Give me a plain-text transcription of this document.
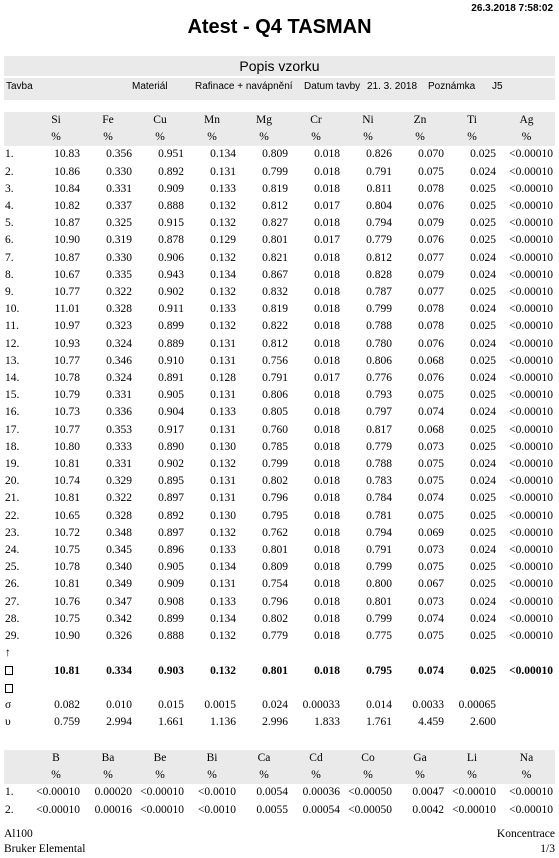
26.3.2018 7:58:02
Atest - Q4 TASMAN
Popis vzorku
Tavba	Materiál	Rafinace + navápnění Datum tavby 21. 3. 2018 Poznámka J5
	Si	Fe	Cu	Mn	Mg	Cr	Ni	Zn	Ti	Ag
	%	%	%	%	%	%	%	%	%	%
1.	10.83	0.356	0.951	0.134	0.809	0.018	0.826	0.070	0.025	<0.00010
2.	10.86	0.330	0.892	0.131	0.799	0.018	0.791	0.075	0.024	<0.00010
3.	10.84	0.331	0.909	0.133	0.819	0.018	0.811	0.078	0.025	<0.00010
4.	10.82	0.337	0.888	0.132	0.812	0.017	0.804	0.076	0.025	<0.00010
5.	10.87	0.325	0.915	0.132	0.827	0.018	0.794	0.079	0.025	<0.00010
6.	10.90	0.319	0.878	0.129	0.801	0.017	0.779	0.076	0.025	<0.00010
7.	10.87	0.330	0.906	0.132	0.821	0.018	0.812	0.077	0.024	<0.00010
8.	10.67	0.335	0.943	0.134	0.867	0.018	0.828	0.079	0.024	<0.00010
9.	10.77	0.322	0.902	0.132	0.832	0.018	0.787	0.077	0.025	<0.00010
10.	11.01	0.328	0.911	0.133	0.819	0.018	0.799	0.078	0.024	<0.00010
11.	10.97	0.323	0.899	0.132	0.822	0.018	0.788	0.078	0.025	<0.00010
12.	10.93	0.324	0.889	0.131	0.812	0.018	0.780	0.076	0.024	<0.00010
13.	10.77	0.346	0.910	0.131	0.756	0.018	0.806	0.068	0.025	<0.00010
14.	10.78	0.324	0.891	0.128	0.791	0.017	0.776	0.076	0.024	<0.00010
15.	10.79	0.331	0.905	0.131	0.806	0.018	0.793	0.075	0.025	<0.00010
16.	10.73	0.336	0.904	0.133	0.805	0.018	0.797	0.074	0.024	<0.00010
17.	10.77	0.353	0.917	0.131	0.760	0.018	0.817	0.068	0.025	<0.00010
18.	10.80	0.333	0.890	0.130	0.785	0.018	0.779	0.073	0.025	<0.00010
19.	10.81	0.331	0.902	0.132	0.799	0.018	0.788	0.075	0.024	<0.00010
20.	10.74	0.329	0.895	0.131	0.802	0.018	0.783	0.075	0.024	<0.00010
21.	10.81	0.322	0.897	0.131	0.796	0.018	0.784	0.074	0.025	<0.00010
22.	10.65	0.328	0.892	0.130	0.795	0.018	0.781	0.075	0.025	<0.00010
23.	10.72	0.348	0.897	0.132	0.762	0.018	0.794	0.069	0.025	<0.00010
24.	10.75	0.345	0.896	0.133	0.801	0.018	0.791	0.073	0.024	<0.00010
25.	10.78	0.340	0.905	0.134	0.809	0.018	0.799	0.075	0.025	<0.00010
26.	10.81	0.349	0.909	0.131	0.754	0.018	0.800	0.067	0.025	<0.00010
27.	10.76	0.347	0.908	0.133	0.796	0.018	0.801	0.073	0.024	<0.00010
28.	10.75	0.342	0.899	0.134	0.802	0.018	0.799	0.074	0.024	<0.00010
29.	10.90	0.326	0.888	0.132	0.779	0.018	0.775	0.075	0.025	<0.00010
↑										
	10.81	0.334	0.903	0.132	0.801	0.018	0.795	0.074	0.025	<0.00010

σ	0.082	0.010	0.015	0.0015	0.024	0.00033	0.014	0.0033	0.00065	
υ	0.759	2.994	1.661	1.136	2.996	1.833	1.761	4.459	2.600	
	B	Ba	Be	Bi	Ca	Cd	Co	Ga	Li	Na
	%	%	%	%	%	%	%	%	%	%
1.	<0.00010	0.00020	<0.00010	<0.0010	0.0054	0.00036	<0.00050	0.0047	<0.00010	<0.00010
2.	<0.00010	0.00016	<0.00010	<0.0010	0.0055	0.00054	<0.00050	0.0042	<0.00010	<0.00010
Al100
Bruker Elemental
Koncentrace
1/3
